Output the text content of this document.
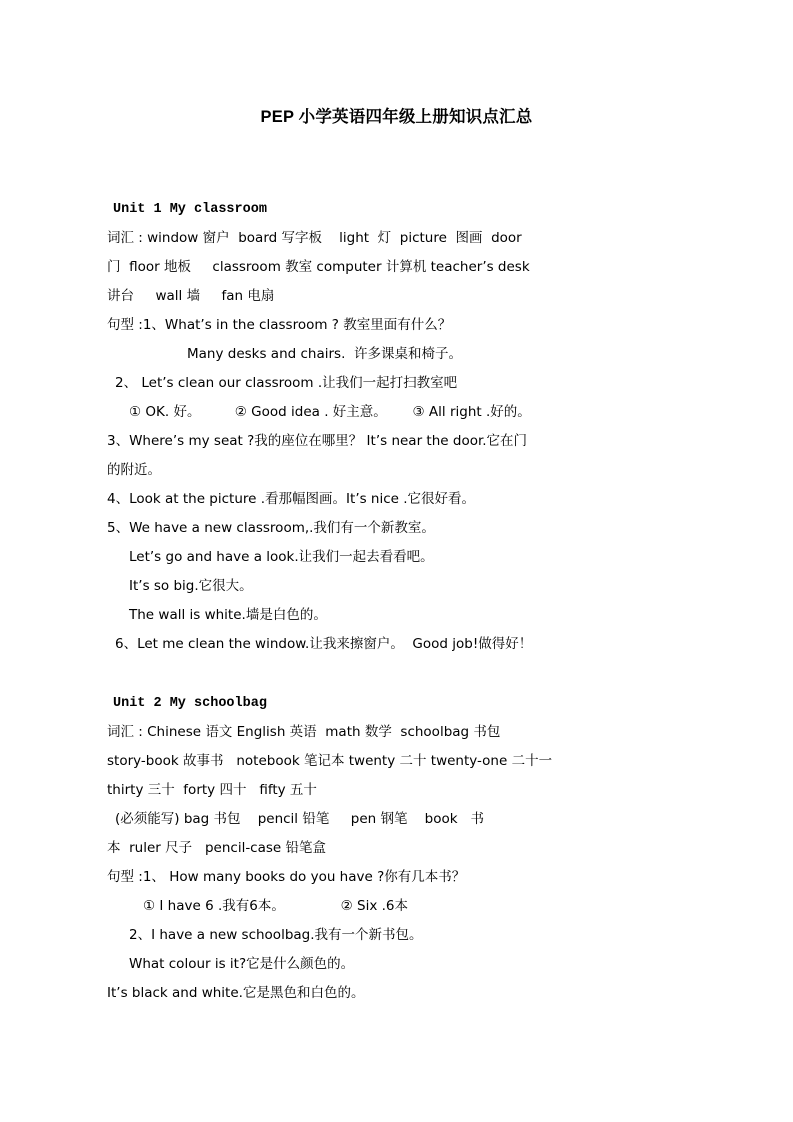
PEP 小学英语四年级上册知识点汇总
Unit 1 My classroom

词汇 : window 窗户  board 写字板    light  灯  picture  图画  door

门  floor 地板     classroom 教室 computer 计算机 teacher’s desk

讲台     wall 墙     fan 电扇

句型 :1、What’s in the classroom ? 教室里面有什么？

Many desks and chairs.  许多课桌和椅子。

2、 Let’s clean our classroom .让我们一起打扫教室吧

① OK. 好。        ② Good idea . 好主意。      ③ All right .好的。

3、Where’s my seat ?我的座位在哪里？ It’s near the door.它在门

的附近。

4、Look at the picture .看那幅图画。It’s nice .它很好看。

5、We have a new classroom,.我们有一个新教室。

Let’s go and have a look.让我们一起去看看吧。

It’s so big.它很大。

The wall is white.墙是白色的。

6、Let me clean the window.让我来擦窗户。  Good job!做得好！

Unit 2 My schoolbag

词汇 : Chinese 语文 English 英语  math 数学  schoolbag 书包

story-book 故事书   notebook 笔记本 twenty 二十 twenty-one 二十一

thirty 三十  forty 四十   fifty 五十

(必须能写) bag 书包    pencil 铅笔     pen 钢笔    book   书

本  ruler 尺子   pencil-case 铅笔盒

句型 :1、 How many books do you have ?你有几本书？

① I have 6 .我有6本。             ② Six .6本

2、I have a new schoolbag.我有一个新书包。

What colour is it?它是什么颜色的。

It’s black and white.它是黑色和白色的。
